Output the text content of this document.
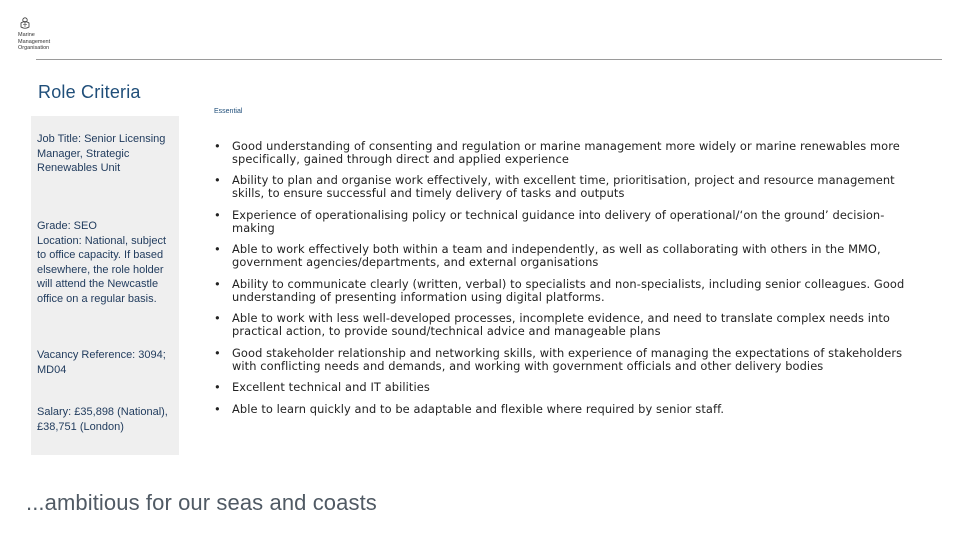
Marine
Management
Organisation
Role Criteria
Essential
Job Title: Senior Licensing Manager, Strategic Renewables Unit
Grade: SEO
Location: National, subject to office capacity. If based elsewhere, the role holder will attend the Newcastle office on a regular basis.
Vacancy Reference: 3094; MD04
Salary: £35,898 (National), £38,751 (London)
• Good understanding of consenting and regulation or marine management more widely or marine renewables more specifically, gained through direct and applied experience
• Ability to plan and organise work effectively, with excellent time, prioritisation, project and resource management skills, to ensure successful and timely delivery of tasks and outputs
• Experience of operationalising policy or technical guidance into delivery of operational/‘on the ground’ decision-making
• Able to work effectively both within a team and independently, as well as collaborating with others in the MMO, government agencies/departments, and external organisations
• Ability to communicate clearly (written, verbal) to specialists and non-specialists, including senior colleagues. Good understanding of presenting information using digital platforms.
• Able to work with less well-developed processes, incomplete evidence, and need to translate complex needs into practical action, to provide sound/technical advice and manageable plans
• Good stakeholder relationship and networking skills, with experience of managing the expectations of stakeholders with conflicting needs and demands, and working with government officials and other delivery bodies
• Excellent technical and IT abilities
• Able to learn quickly and to be adaptable and flexible where required by senior staff.
...ambitious for our seas and coasts
